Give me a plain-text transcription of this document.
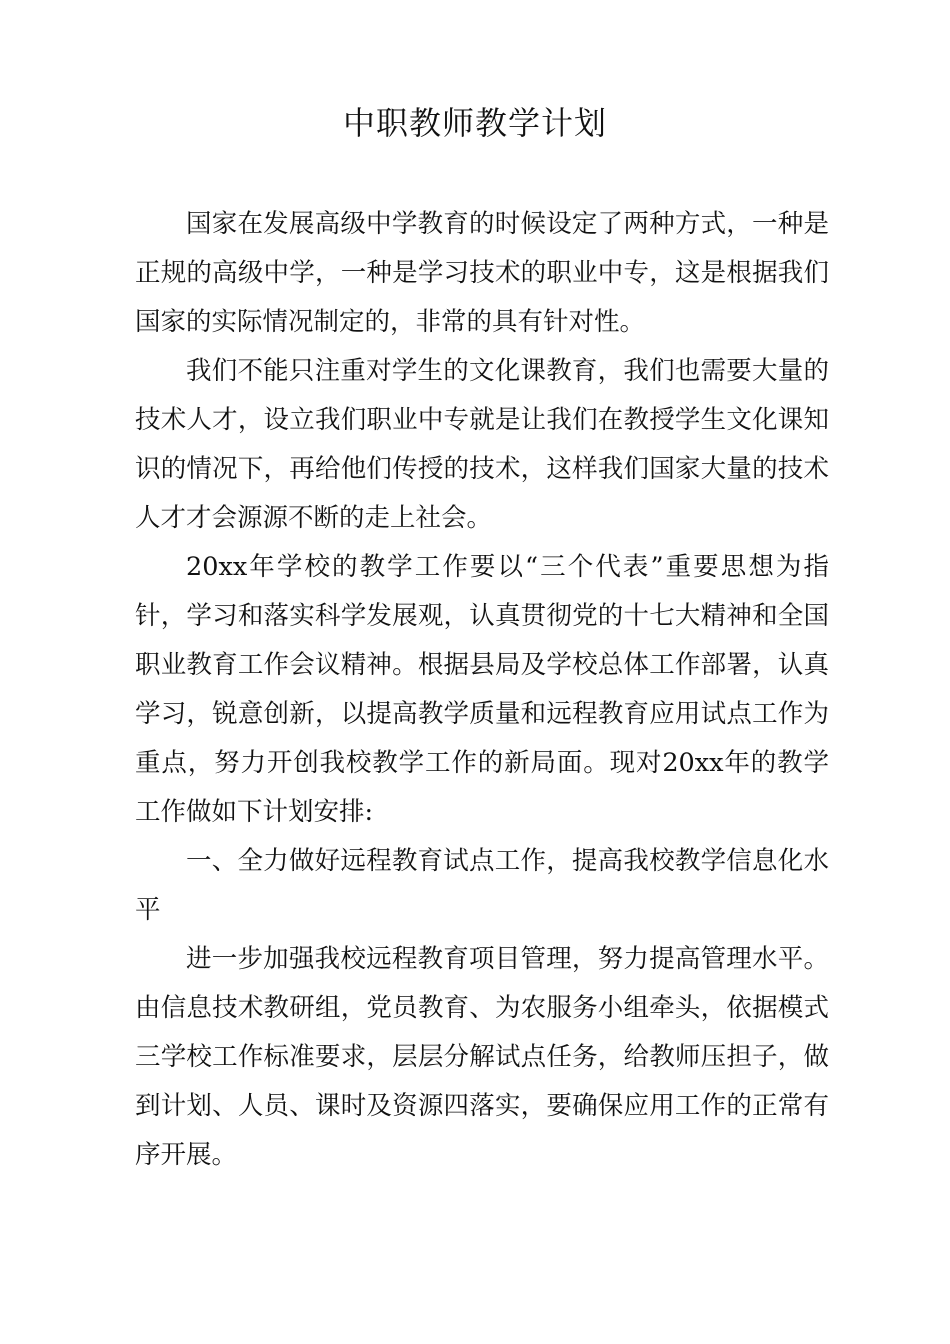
中职教师教学计划

国家在发展高级中学教育的时候设定了两种方式，一种是正规的高级中学，一种是学习技术的职业中专，这是根据我们国家的实际情况制定的，非常的具有针对性。

我们不能只注重对学生的文化课教育，我们也需要大量的技术人才，设立我们职业中专就是让我们在教授学生文化课知识的情况下，再给他们传授的技术，这样我们国家大量的技术人才才会源源不断的走上社会。

20xx年学校的教学工作要以“三个代表”重要思想为指针，学习和落实科学发展观，认真贯彻党的十七大精神和全国职业教育工作会议精神。根据县局及学校总体工作部署，认真学习，锐意创新，以提高教学质量和远程教育应用试点工作为重点，努力开创我校教学工作的新局面。现对20xx年的教学工作做如下计划安排:

一、全力做好远程教育试点工作，提高我校教学信息化水平

进一步加强我校远程教育项目管理，努力提高管理水平。由信息技术教研组，党员教育、为农服务小组牵头，依据模式三学校工作标准要求，层层分解试点任务，给教师压担子，做到计划、人员、课时及资源四落实，要确保应用工作的正常有序开展。
